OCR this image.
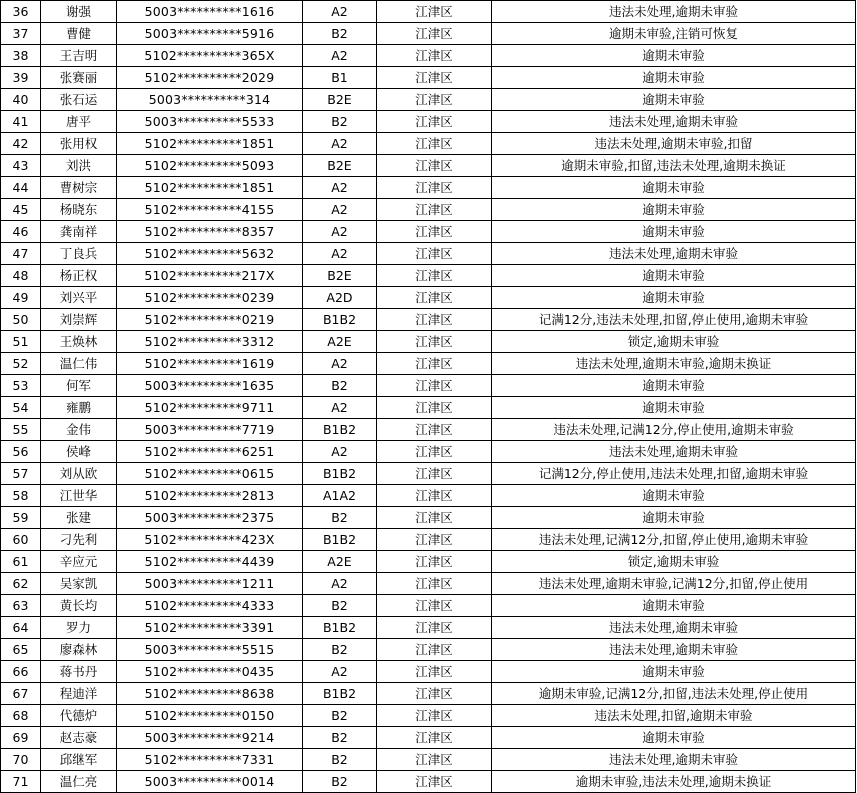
36	谢强	5003**********1616	A2	江津区	违法未处理,逾期未审验
37	曹健	5003**********5916	B2	江津区	逾期未审验,注销可恢复
38	王吉明	5102**********365X	A2	江津区	逾期未审验
39	张赛丽	5102**********2029	B1	江津区	逾期未审验
40	张石运	5003**********314	B2E	江津区	逾期未审验
41	唐平	5003**********5533	B2	江津区	违法未处理,逾期未审验
42	张用权	5102**********1851	A2	江津区	违法未处理,逾期未审验,扣留
43	刘洪	5102**********5093	B2E	江津区	逾期未审验,扣留,违法未处理,逾期未换证
44	曹树宗	5102**********1851	A2	江津区	逾期未审验
45	杨晓东	5102**********4155	A2	江津区	逾期未审验
46	龚南祥	5102**********8357	A2	江津区	逾期未审验
47	丁良兵	5102**********5632	A2	江津区	违法未处理,逾期未审验
48	杨正权	5102**********217X	B2E	江津区	逾期未审验
49	刘兴平	5102**********0239	A2D	江津区	逾期未审验
50	刘崇辉	5102**********0219	B1B2	江津区	记满12分,违法未处理,扣留,停止使用,逾期未审验
51	王焕林	5102**********3312	A2E	江津区	锁定,逾期未审验
52	温仁伟	5102**********1619	A2	江津区	违法未处理,逾期未审验,逾期未换证
53	何军	5003**********1635	B2	江津区	逾期未审验
54	雍鹏	5102**********9711	A2	江津区	逾期未审验
55	金伟	5003**********7719	B1B2	江津区	违法未处理,记满12分,停止使用,逾期未审验
56	侯峰	5102**********6251	A2	江津区	违法未处理,逾期未审验
57	刘从欧	5102**********0615	B1B2	江津区	记满12分,停止使用,违法未处理,扣留,逾期未审验
58	江世华	5102**********2813	A1A2	江津区	逾期未审验
59	张建	5003**********2375	B2	江津区	逾期未审验
60	刁先利	5102**********423X	B1B2	江津区	违法未处理,记满12分,扣留,停止使用,逾期未审验
61	辛应元	5102**********4439	A2E	江津区	锁定,逾期未审验
62	吴家凯	5003**********1211	A2	江津区	违法未处理,逾期未审验,记满12分,扣留,停止使用
63	黄长均	5102**********4333	B2	江津区	逾期未审验
64	罗力	5102**********3391	B1B2	江津区	违法未处理,逾期未审验
65	廖森林	5003**********5515	B2	江津区	违法未处理,逾期未审验
66	蒋书丹	5102**********0435	A2	江津区	逾期未审验
67	程迪洋	5102**********8638	B1B2	江津区	逾期未审验,记满12分,扣留,违法未处理,停止使用
68	代德炉	5102**********0150	B2	江津区	违法未处理,扣留,逾期未审验
69	赵志豪	5003**********9214	B2	江津区	逾期未审验
70	邱继军	5102**********7331	B2	江津区	违法未处理,逾期未审验
71	温仁亮	5003**********0014	B2	江津区	逾期未审验,违法未处理,逾期未换证
